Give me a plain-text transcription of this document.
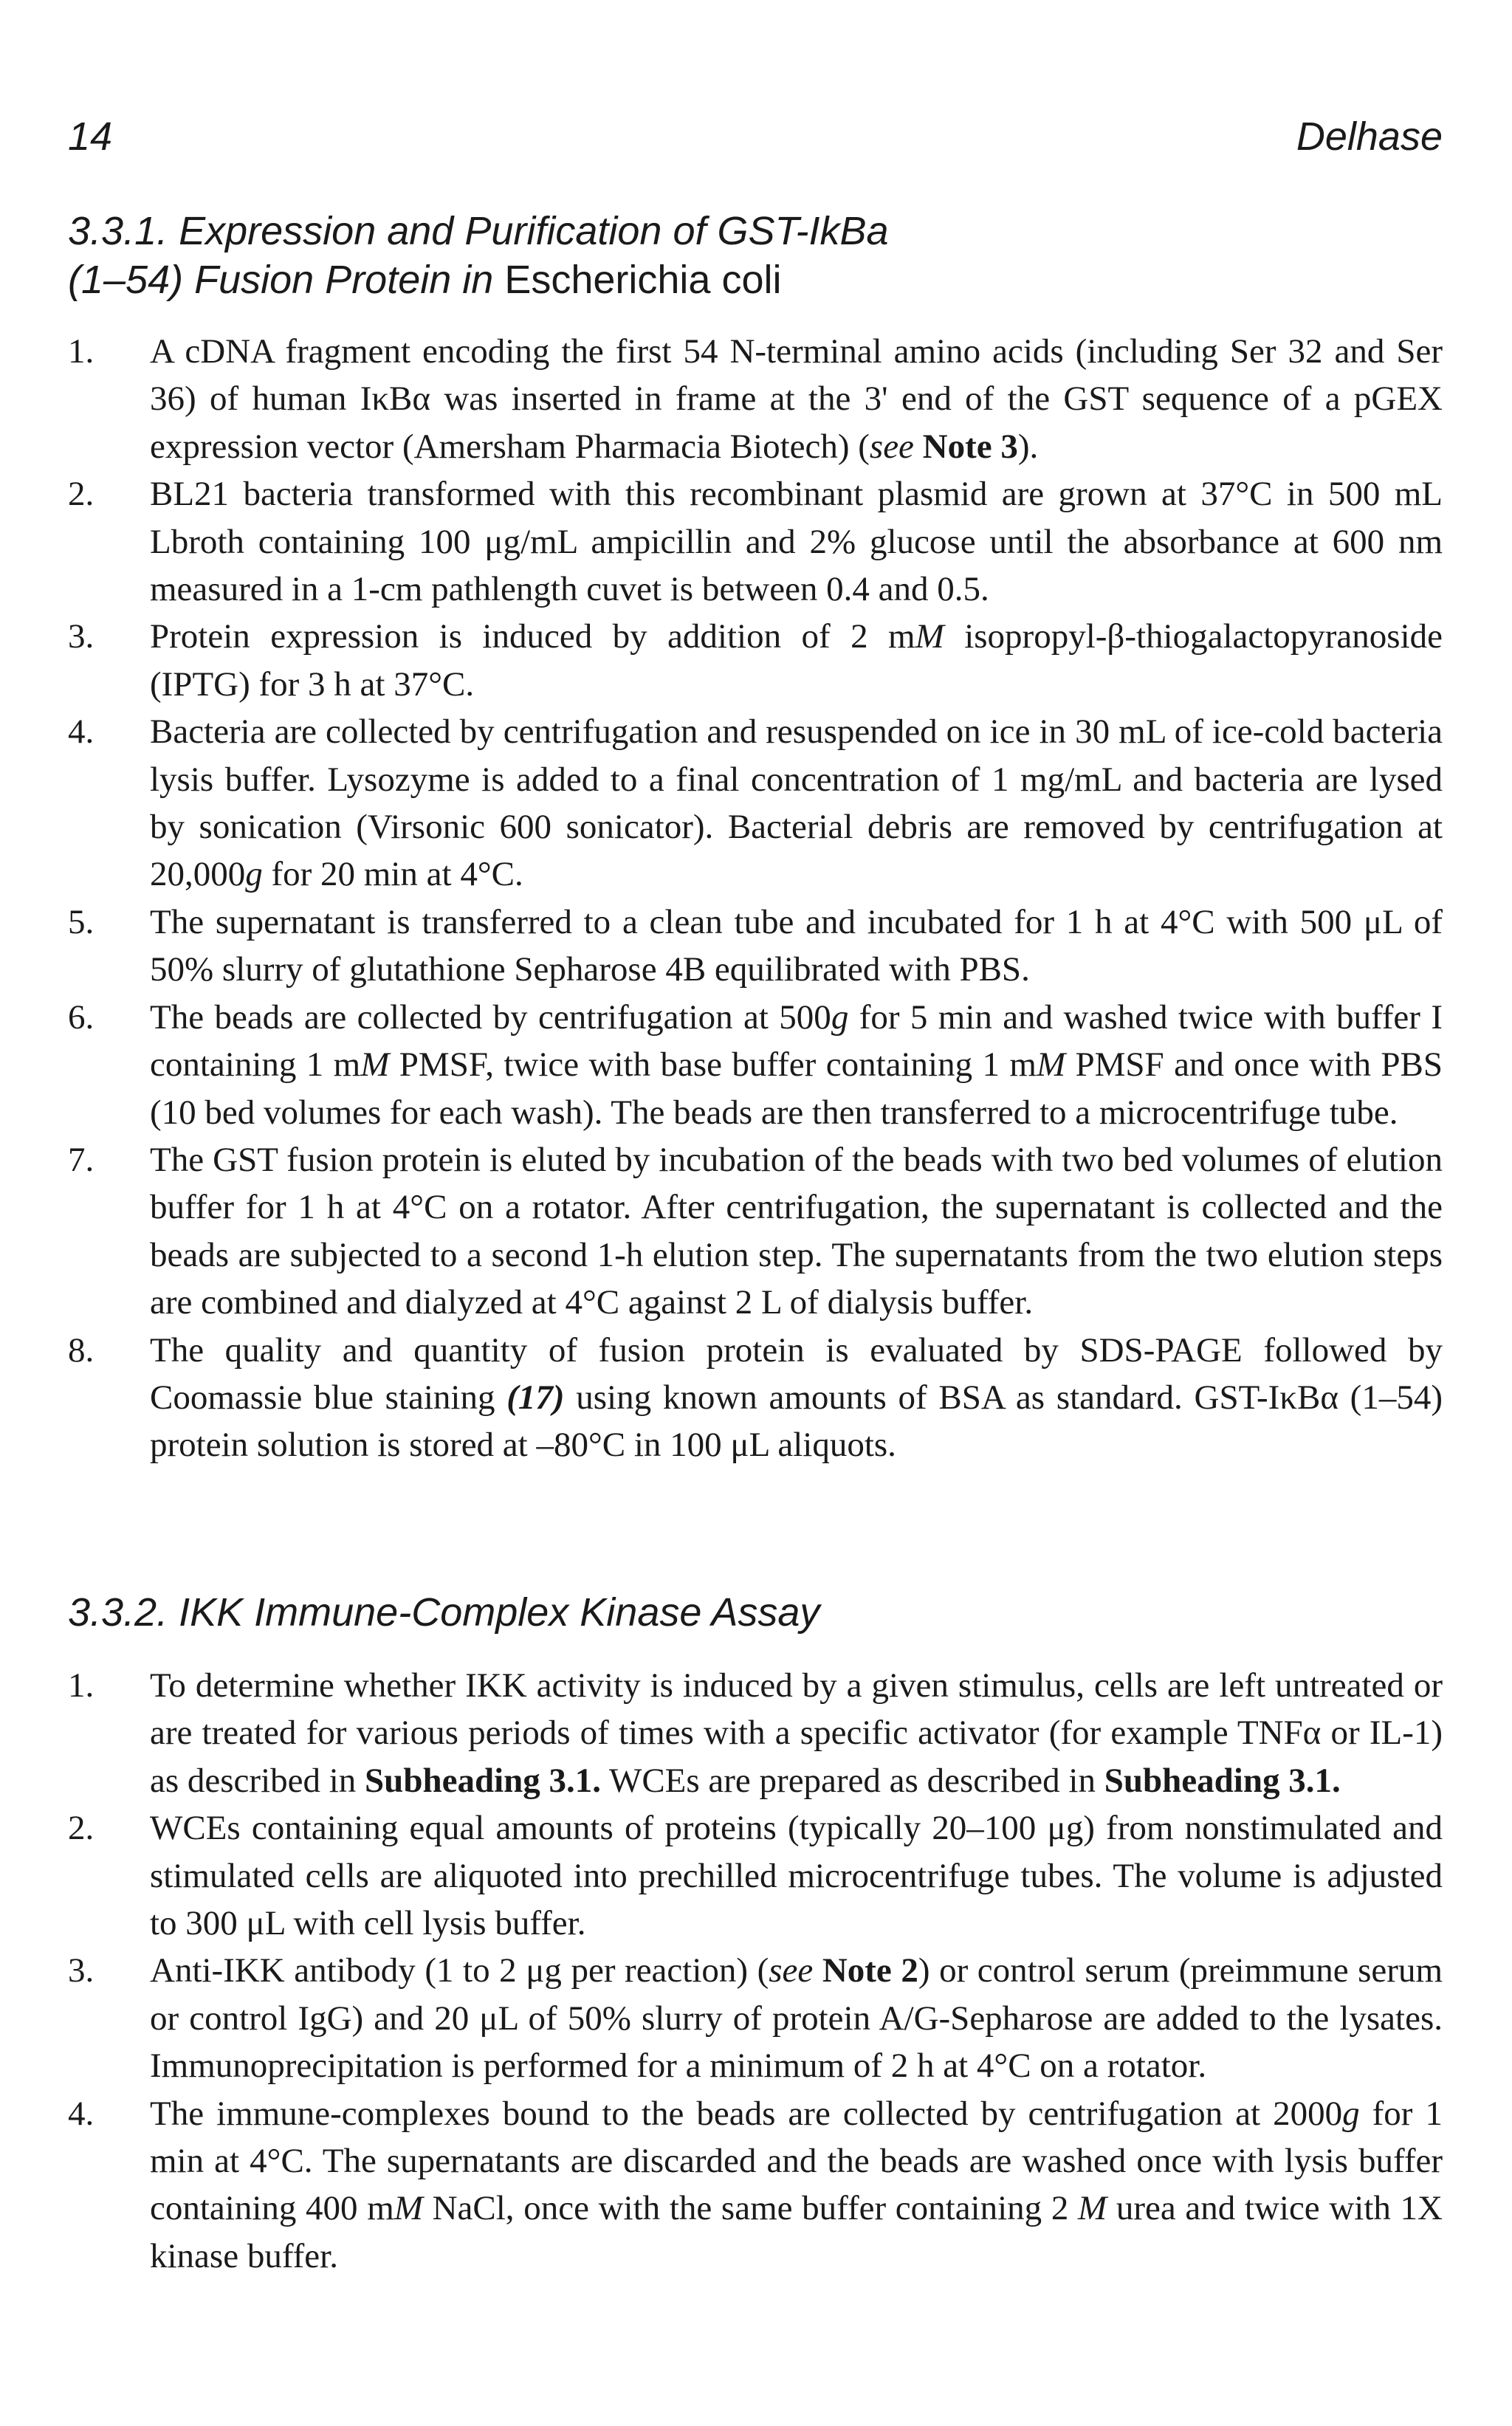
14	Delhase
3.3.1. Expression and Purification of GST-IkBa
(1–54) Fusion Protein in Escherichia coli
1.	A cDNA fragment encoding the first 54 N-terminal amino acids (including Ser 32 and Ser 36) of human IκBα was inserted in frame at the 3' end of the GST sequence of a pGEX expression vector (Amersham Pharmacia Biotech) (see Note 3).
2.	BL21 bacteria transformed with this recombinant plasmid are grown at 37°C in 500 mL Lbroth containing 100 μg/mL ampicillin and 2% glucose until the absorbance at 600 nm measured in a 1-cm pathlength cuvet is between 0.4 and 0.5.
3.	Protein expression is induced by addition of 2 mM isopropyl-β-thiogalactopyranoside (IPTG) for 3 h at 37°C.
4.	Bacteria are collected by centrifugation and resuspended on ice in 30 mL of ice-cold bacteria lysis buffer. Lysozyme is added to a final concentration of 1 mg/mL and bacteria are lysed by sonication (Virsonic 600 sonicator). Bacterial debris are removed by centrifugation at 20,000g for 20 min at 4°C.
5.	The supernatant is transferred to a clean tube and incubated for 1 h at 4°C with 500 μL of 50% slurry of glutathione Sepharose 4B equilibrated with PBS.
6.	The beads are collected by centrifugation at 500g for 5 min and washed twice with buffer I containing 1 mM PMSF, twice with base buffer containing 1 mM PMSF and once with PBS (10 bed volumes for each wash). The beads are then transferred to a microcentrifuge tube.
7.	The GST fusion protein is eluted by incubation of the beads with two bed volumes of elution buffer for 1 h at 4°C on a rotator. After centrifugation, the supernatant is collected and the beads are subjected to a second 1-h elution step. The supernatants from the two elution steps are combined and dialyzed at 4°C against 2 L of dialysis buffer.
8.	The quality and quantity of fusion protein is evaluated by SDS-PAGE followed by Coomassie blue staining (17) using known amounts of BSA as standard. GST-IκBα (1–54) protein solution is stored at –80°C in 100 μL aliquots.
3.3.2. IKK Immune-Complex Kinase Assay
1.	To determine whether IKK activity is induced by a given stimulus, cells are left untreated or are treated for various periods of times with a specific activator (for example TNFα or IL-1) as described in Subheading 3.1. WCEs are prepared as described in Subheading 3.1.
2.	WCEs containing equal amounts of proteins (typically 20–100 μg) from nonstimulated and stimulated cells are aliquoted into prechilled microcentrifuge tubes. The volume is adjusted to 300 μL with cell lysis buffer.
3.	Anti-IKK antibody (1 to 2 μg per reaction) (see Note 2) or control serum (preimmune serum or control IgG) and 20 μL of 50% slurry of protein A/G-Sepharose are added to the lysates. Immunoprecipitation is performed for a minimum of 2 h at 4°C on a rotator.
4.	The immune-complexes bound to the beads are collected by centrifugation at 2000g for 1 min at 4°C. The supernatants are discarded and the beads are washed once with lysis buffer containing 400 mM NaCl, once with the same buffer containing 2 M urea and twice with 1X kinase buffer.
